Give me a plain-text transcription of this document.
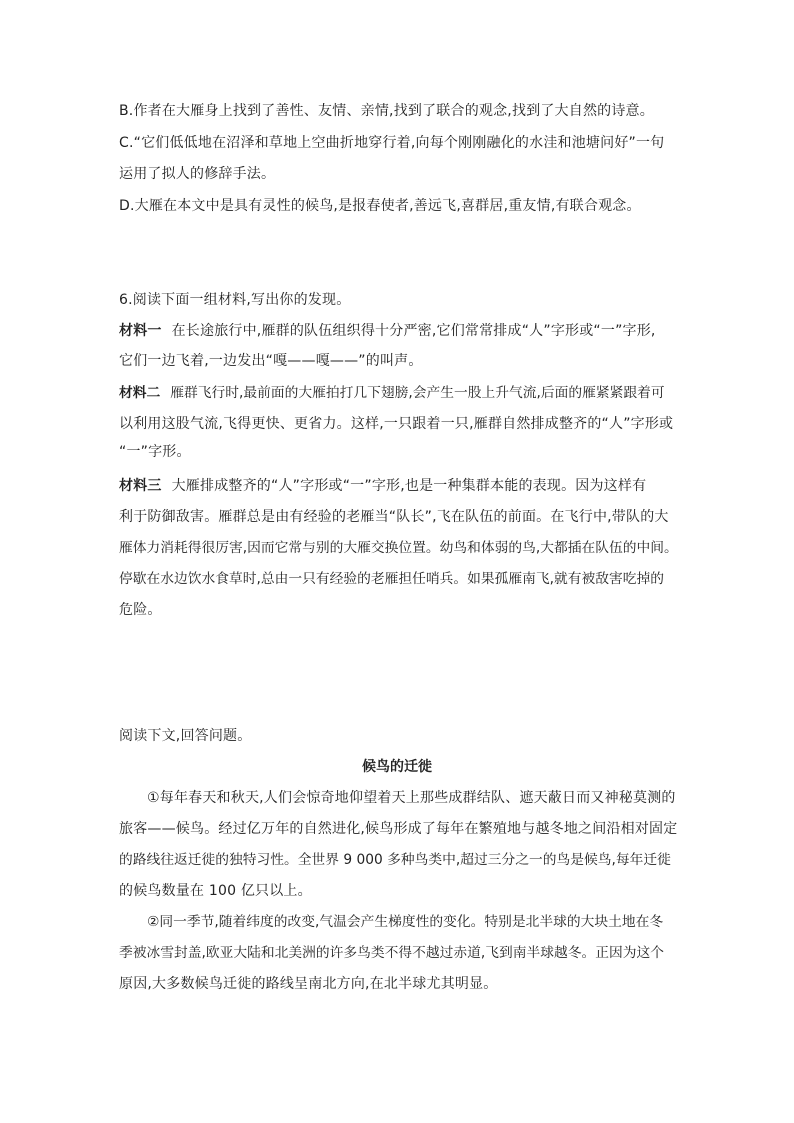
B.作者在大雁身上找到了善性、友情、亲情,找到了联合的观念,找到了大自然的诗意。
C.“它们低低地在沼泽和草地上空曲折地穿行着,向每个刚刚融化的水洼和池塘问好”一句
运用了拟人的修辞手法。
D.大雁在本文中是具有灵性的候鸟,是报春使者,善远飞,喜群居,重友情,有联合观念。
6.阅读下面一组材料,写出你的发现。
材料一 在长途旅行中,雁群的队伍组织得十分严密,它们常常排成“人”字形或“一”字形,
它们一边飞着,一边发出“嘎——嘎——”的叫声。
材料二 雁群飞行时,最前面的大雁拍打几下翅膀,会产生一股上升气流,后面的雁紧紧跟着可
以利用这股气流,飞得更快、更省力。这样,一只跟着一只,雁群自然排成整齐的“人”字形或
“一”字形。
材料三 大雁排成整齐的“人”字形或“一”字形,也是一种集群本能的表现。因为这样有
利于防御敌害。雁群总是由有经验的老雁当“队长”,飞在队伍的前面。在飞行中,带队的大
雁体力消耗得很厉害,因而它常与别的大雁交换位置。幼鸟和体弱的鸟,大都插在队伍的中间。
停歇在水边饮水食草时,总由一只有经验的老雁担任哨兵。如果孤雁南飞,就有被敌害吃掉的
危险。
阅读下文,回答问题。
候鸟的迁徙
①每年春天和秋天,人们会惊奇地仰望着天上那些成群结队、遮天蔽日而又神秘莫测的
旅客——候鸟。经过亿万年的自然进化,候鸟形成了每年在繁殖地与越冬地之间沿相对固定
的路线往返迁徙的独特习性。全世界 9 000 多种鸟类中,超过三分之一的鸟是候鸟,每年迁徙
的候鸟数量在 100 亿只以上。
②同一季节,随着纬度的改变,气温会产生梯度性的变化。特别是北半球的大块土地在冬
季被冰雪封盖,欧亚大陆和北美洲的许多鸟类不得不越过赤道,飞到南半球越冬。正因为这个
原因,大多数候鸟迁徙的路线呈南北方向,在北半球尤其明显。
